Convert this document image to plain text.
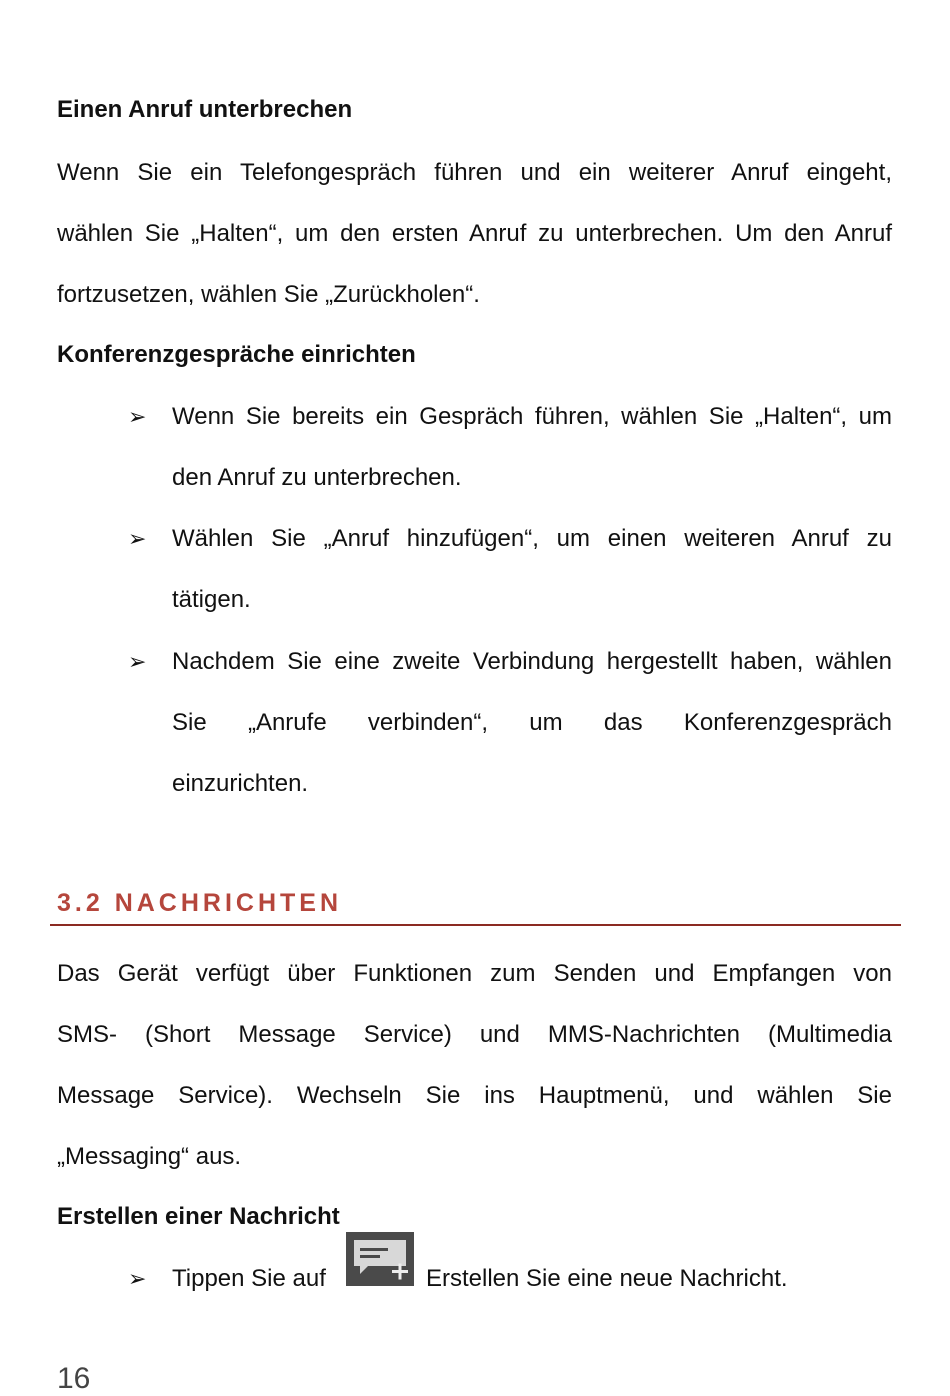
Einen Anruf unterbrechen
Wenn Sie ein Telefongespräch führen und ein weiterer Anruf eingeht,
wählen Sie „Halten“, um den ersten Anruf zu unterbrechen. Um den Anruf
fortzusetzen, wählen Sie „Zurückholen“.
Konferenzgespräche einrichten
➢	Wenn Sie bereits ein Gespräch führen, wählen Sie „Halten“, um
den Anruf zu unterbrechen.
➢	Wählen Sie „Anruf hinzufügen“, um einen weiteren Anruf zu
tätigen.
➢	Nachdem Sie eine zweite Verbindung hergestellt haben, wählen
Sie „Anrufe verbinden“, um das Konferenzgespräch
einzurichten.
3.2 NACHRICHTEN
Das Gerät verfügt über Funktionen zum Senden und Empfangen von
SMS- (Short Message Service) und MMS-Nachrichten (Multimedia
Message Service). Wechseln Sie ins Hauptmenü, und wählen Sie
„Messaging“ aus.
Erstellen einer Nachricht
➢	Tippen Sie auf	Erstellen Sie eine neue Nachricht.
16
